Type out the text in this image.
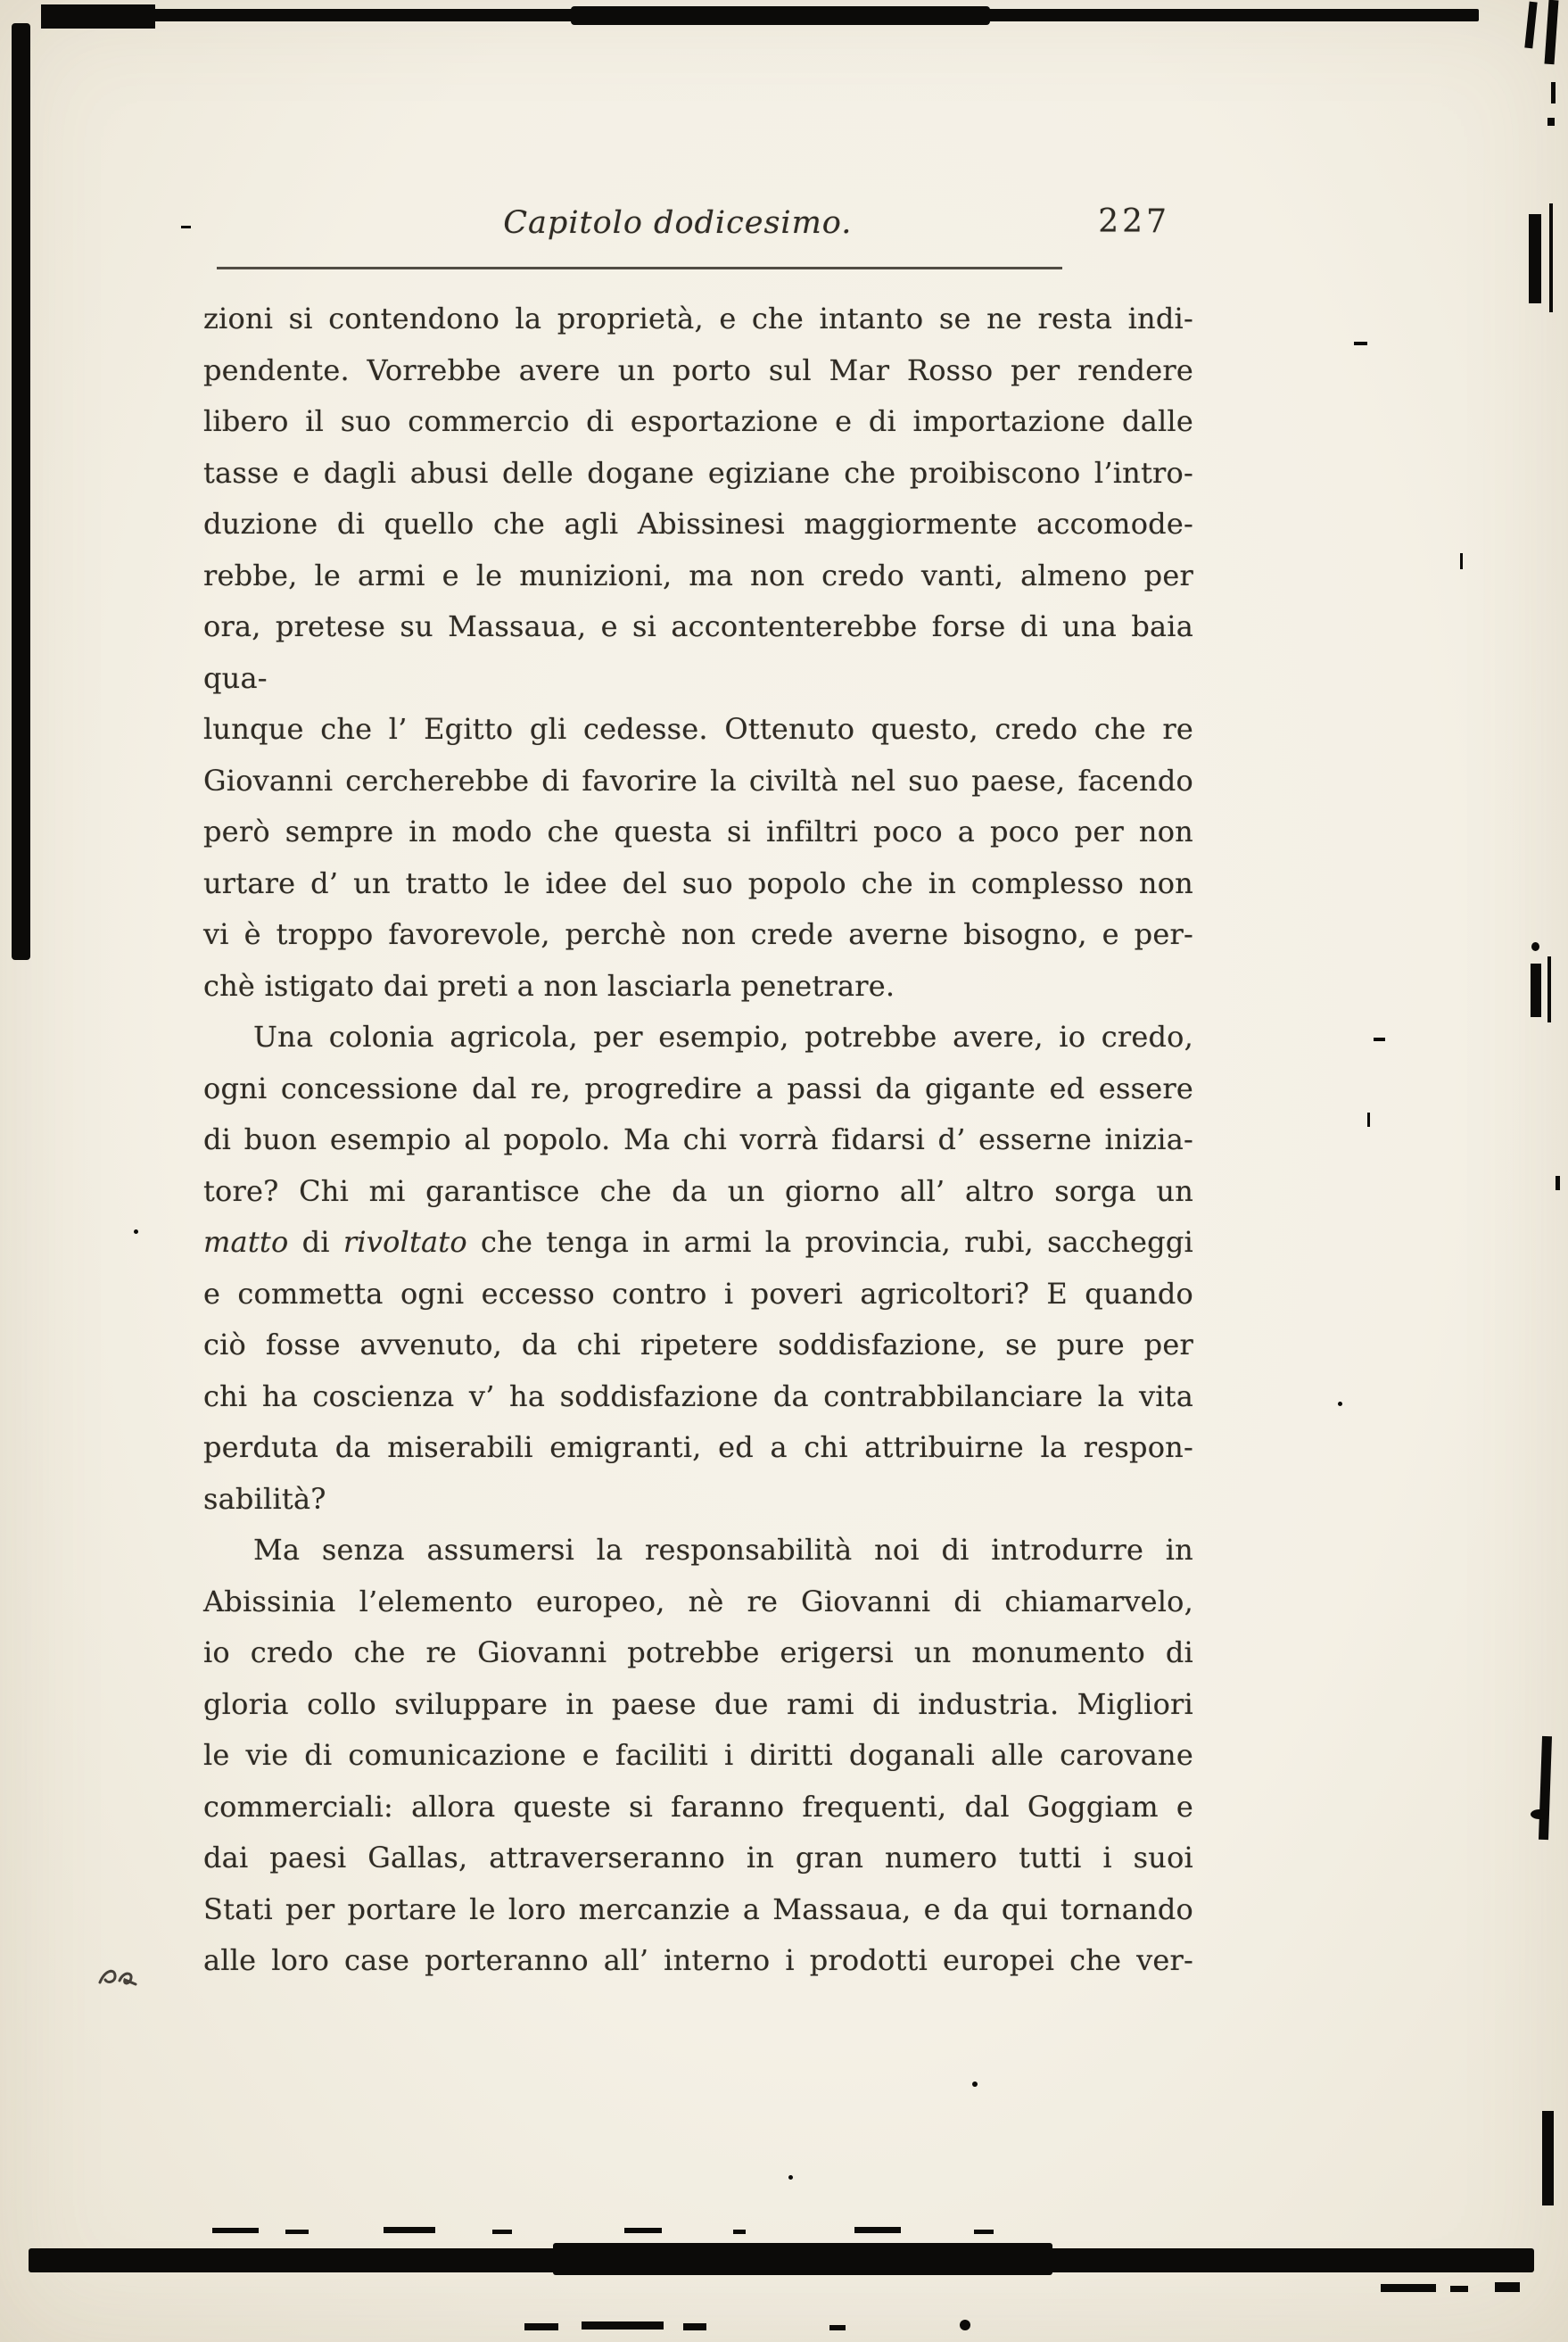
Capitolo dodicesimo.	227
zioni si contendono la proprietà, e che intanto se ne resta indi-
pendente. Vorrebbe avere un porto sul Mar Rosso per rendere
libero il suo commercio di esportazione e di importazione dalle
tasse e dagli abusi delle dogane egiziane che proibiscono l’intro-
duzione di quello che agli Abissinesi maggiormente accomode-
rebbe, le armi e le munizioni, ma non credo vanti, almeno per
ora, pretese su Massaua, e si accontenterebbe forse di una baia qua-
lunque che l’ Egitto gli cedesse. Ottenuto questo, credo che re
Giovanni cercherebbe di favorire la civiltà nel suo paese, facendo
però sempre in modo che questa si infiltri poco a poco per non
urtare d’ un tratto le idee del suo popolo che in complesso non
vi è troppo favorevole, perchè non crede averne bisogno, e per-
chè istigato dai preti a non lasciarla penetrare.
Una colonia agricola, per esempio, potrebbe avere, io credo,
ogni concessione dal re, progredire a passi da gigante ed essere
di buon esempio al popolo. Ma chi vorrà fidarsi d’ esserne inizia-
tore? Chi mi garantisce che da un giorno all’ altro sorga un
matto di rivoltato che tenga in armi la provincia, rubi, saccheggi
e commetta ogni eccesso contro i poveri agricoltori? E quando
ciò fosse avvenuto, da chi ripetere soddisfazione, se pure per
chi ha coscienza v’ ha soddisfazione da contrabbilanciare la vita
perduta da miserabili emigranti, ed a chi attribuirne la respon-
sabilità?
Ma senza assumersi la responsabilità noi di introdurre in
Abissinia l’elemento europeo, nè re Giovanni di chiamarvelo,
io credo che re Giovanni potrebbe erigersi un monumento di
gloria collo sviluppare in paese due rami di industria. Migliori
le vie di comunicazione e faciliti i diritti doganali alle carovane
commerciali: allora queste si faranno frequenti, dal Goggiam e
dai paesi Gallas, attraverseranno in gran numero tutti i suoi
Stati per portare le loro mercanzie a Massaua, e da qui tornando
alle loro case porteranno all’ interno i prodotti europei che ver-
